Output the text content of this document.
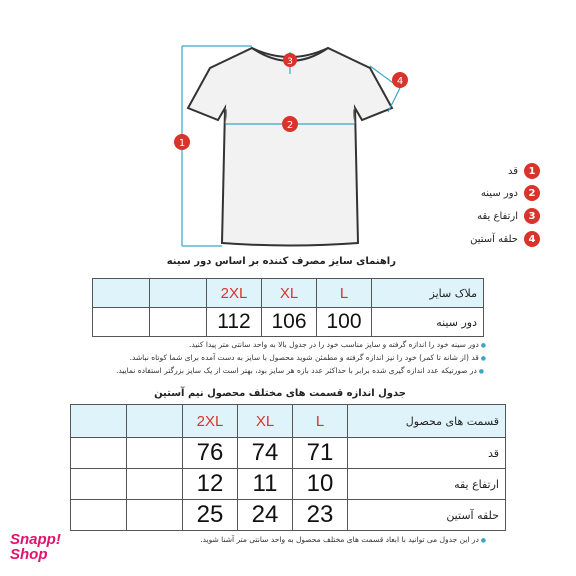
1
2
3
4
1
قد
2
دور سینه
3
ارتفاع یقه
4
حلقه آستین
راهنمای سایز مصرف کننده بر اساس دور سینه
		2XL	XL	L	ملاک سایز
		112	106	100	دور سینه
● دور سینه خود را اندازه گرفته و سایز مناسب خود را در جدول بالا به واحد سانتی متر پیدا کنید.
● قد (از شانه تا کمر) خود را نیز اندازه گرفته و مطمئن شوید محصول با سایز به دست آمده برای شما کوتاه نباشد.
● در صورتیکه عدد اندازه گیری شده برابر با حداکثر عدد بازه هر سایز بود، بهتر است از یک سایز بزرگتر استفاده نمایید.
جدول اندازه قسمت های مختلف محصول نیم آستین
		2XL	XL	L	قسمت های محصول
		76	74	71	قد
		12	11	10	ارتفاع یقه
		25	24	23	حلقه آستین
● در این جدول می توانید با ابعاد قسمت های مختلف محصول به واحد سانتی متر آشنا شوید.
Snapp!
Shop
